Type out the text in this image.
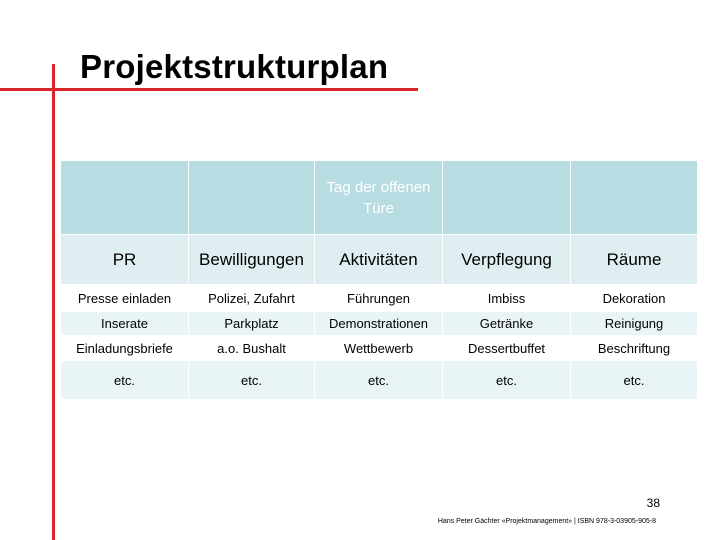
Projektstrukturplan
		Tag der offenen Türe		
PR	Bewilligungen	Aktivitäten	Verpflegung	Räume
Presse einladen	Polizei, Zufahrt	Führungen	Imbiss	Dekoration
Inserate	Parkplatz	Demonstrationen	Getränke	Reinigung
Einladungsbriefe	a.o. Bushalt	Wettbewerb	Dessertbuffet	Beschriftung
etc.	etc.	etc.	etc.	etc.
38
Hans Peter Gächter «Projektmanagement» | ISBN 978-3-03905-905-8
